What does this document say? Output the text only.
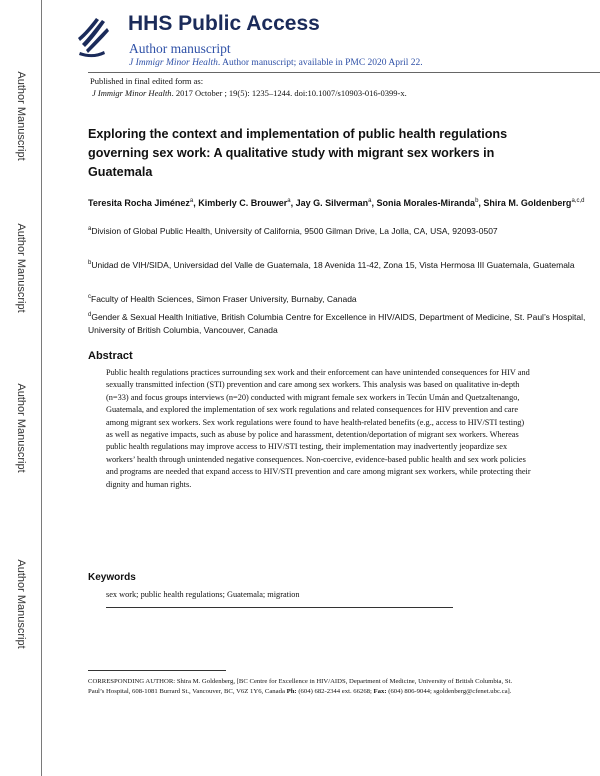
Author Manuscript
Author Manuscript
Author Manuscript
Author Manuscript
HHS Public Access
Author manuscript
J Immigr Minor Health. Author manuscript; available in PMC 2020 April 22.
Published in final edited form as:
J Immigr Minor Health. 2017 October ; 19(5): 1235–1244. doi:10.1007/s10903-016-0399-x.
Exploring the context and implementation of public health regulations governing sex work: A qualitative study with migrant sex workers in Guatemala
Teresita Rocha Jiménez$^a$, Kimberly C. Brouwer$^a$, Jay G. Silverman$^a$, Sonia Morales-Miranda$^b$, Shira M. Goldenberg$^{a,c,d}$
$^a$Division of Global Public Health, University of California, 9500 Gilman Drive, La Jolla, CA, USA, 92093-0507
$^b$Unidad de VIH/SIDA, Universidad del Valle de Guatemala, 18 Avenida 11-42, Zona 15, Vista Hermosa III Guatemala, Guatemala
$^c$Faculty of Health Sciences, Simon Fraser University, Burnaby, Canada
$^d$Gender & Sexual Health Initiative, British Columbia Centre for Excellence in HIV/AIDS, Department of Medicine, St. Paul’s Hospital, University of British Columbia, Vancouver, Canada
Abstract
Public health regulations practices surrounding sex work and their enforcement can have unintended consequences for HIV and sexually transmitted infection (STI) prevention and care among sex workers. This analysis was based on qualitative in-depth (n=33) and focus groups interviews (n=20) conducted with migrant female sex workers in Tecún Umán and Quetzaltenango, Guatemala, and explored the implementation of sex work regulations and related consequences for HIV prevention and care among migrant sex workers. Sex work regulations were found to have health-related benefits (e.g., access to HIV/STI testing) as well as negative impacts, such as abuse by police and harassment, detention/deportation of migrant sex workers. Whereas public health regulations may improve access to HIV/STI testing, their implementation may inadvertently jeopardize sex workers’ health through unintended negative consequences. Non-coercive, evidence-based public health and sex work policies and programs are needed that expand access to HIV/STI prevention and care among migrant sex workers, while protecting their dignity and human rights.
Keywords
sex work; public health regulations; Guatemala; migration
CORRESPONDING AUTHOR: Shira M. Goldenberg, [BC Centre for Excellence in HIV/AIDS, Department of Medicine, University of British Columbia, St. Paul’s Hospital, 608-1081 Burrard St., Vancouver, BC, V6Z 1Y6, Canada Ph: (604) 682-2344 ext. 66268; Fax: (604) 806-9044; sgoldenberg@cfenet.ubc.ca].
